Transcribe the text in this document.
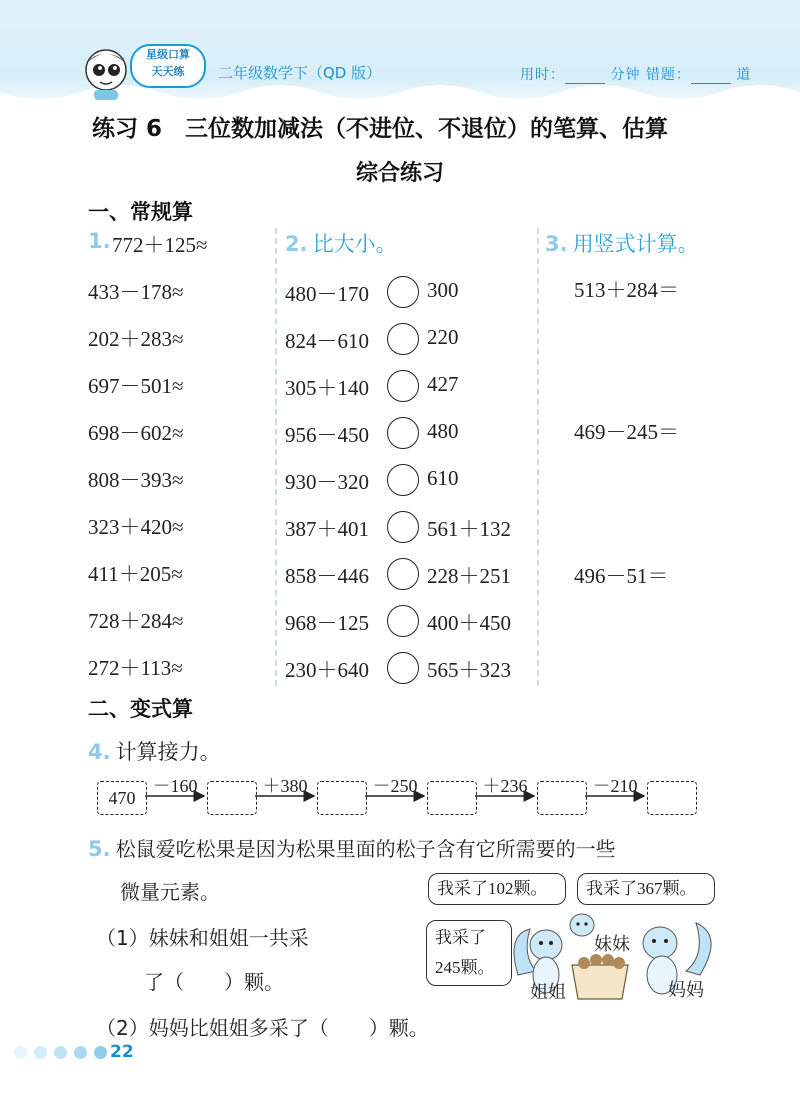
星级口算
天天练	二年级数学下（QD 版）	用时：	分钟 错题：	道
练习 6　三位数加减法（不进位、不退位）的笔算、估算
综合练习
一、常规算
1. 772＋125≈
433－178≈
202＋283≈
697－501≈
698－602≈
808－393≈
323＋420≈
411＋205≈
728＋284≈
272＋113≈
2. 比大小。
480－170	300
824－610	220
305＋140	427
956－450	480
930－320	610
387＋401	561＋132
858－446	228＋251
968－125	400＋450
230＋640	565＋323
3. 用竖式计算。
513＋284＝
469－245＝
496－51＝
二、变式算
4. 计算接力。
470
－160	＋380	－250	＋236	－210
5. 松鼠爱吃松果是因为松果里面的松子含有它所需要的一些
微量元素。
（1）妹妹和姐姐一共采
了（　　）颗。
（2）妈妈比姐姐多采了（　　）颗。
我采了102颗。	我采了367颗。
我采了
245颗。
妹妹
姐姐	妈妈
22
